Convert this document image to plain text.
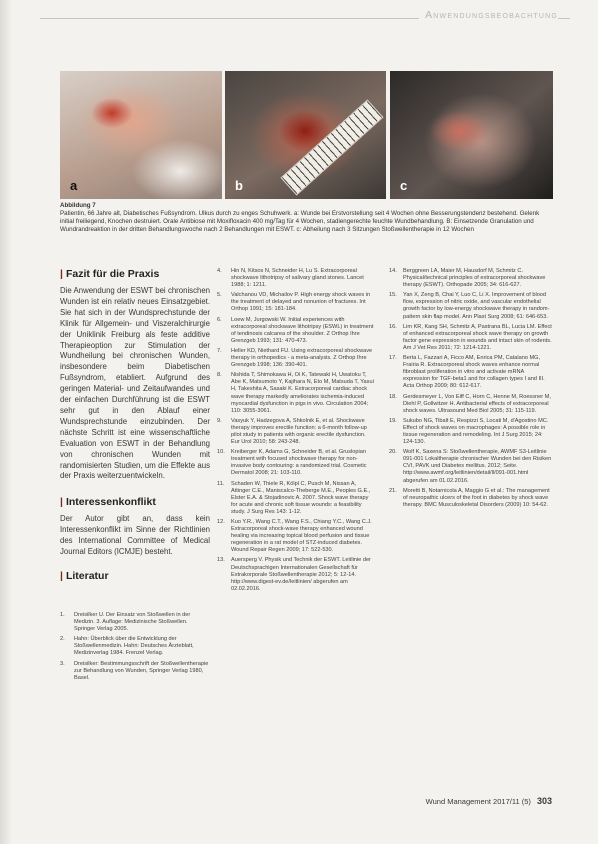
Anwendungsbeobachtung
a	b	c
Abbildung 7
Patientin, 66 Jahre alt, Diabetisches Fußsyndrom. Ulkus durch zu enges Schuhwerk. a: Wunde bei Erstvorstellung seit 4 Wochen ohne Besserungstendenz bestehend. Gelenk initial freiliegend, Knochen destruiert. Orale Antibiose mit Moxifloxacin 400 mg/Tag für 4 Wochen, stadiengerechte feuchte Wundbehandlung. B: Einsetzende Granulation und Wundrandreaktion in der dritten Behandlungswoche nach 2 Behandlungen mit ESWT. c: Abheilung nach 3 Sitzungen Stoßwellentherapie in 12 Wochen
| Fazit für die Praxis

Die Anwendung der ESWT bei chronischen Wunden ist ein relativ neues Einsatzgebiet. Sie hat sich in der Wundsprechstunde der Klinik für Allgemein- und Viszeralchirurgie der Uniklinik Freiburg als feste additive Therapieoption zur Stimulation der Wundheilung bei chronischen Wunden, insbesondere beim Diabetischen Fußsyndrom, etabliert. Aufgrund des geringen Material- und Zeitaufwandes und der einfachen Durchführung ist die ESWT sehr gut in den Ablauf einer Wundsprechstunde einzubinden. Der nächste Schritt ist eine wissenschaftliche Evaluation von ESWT in der Behandlung von chronischen Wunden mit randomisierten Studien, um die Effekte aus der Praxis weiterzuentwickeln.

| Interessenkonflikt

Der Autor gibt an, dass kein Interessenkonflikt im Sinne der Richtlinien des International Committee of Medical Journal Editors (ICMJE) besteht.

| Literatur
1.	Dreisilker U. Der Einsatz von Stoßwellen in der Medizin. 3. Auflage: Medizinische Stoßwellen. Springer Verlag 2005.
2.	Hahn: Überblick über die Entwicklung der Stoßwellenmedizin. Hahn: Deutsches Ärzteblatt, Medizinverlag 1984. Frenzel Verlag.
3.	Dreisilker: Bestimmungsschrift der Stoßwellentherapie zur Behandlung von Wunden, Springer Verlag 1980, Basel.
4.	Hin N, Kitsos N, Schneider H, Lu S. Extracorporeal shockwave lithotripsy of salivary gland stones. Lancet 1988; 1: 1211.
5.	Valchanou VD, Michailov P. High energy shock waves in the treatment of delayed and nonunion of fractures. Int Orthop 1991; 15: 181-184.
6.	Loew M, Jurgowski W. Initial experiences with extracorporeal shockwave lithotripsy (ESWL) in treatment of tendinosis calcarea of the shoulder. Z Orthop Ihre Grenzgeb 1993; 131: 470-473.
7.	Heller KD, Niethard FU. Using extracorporeal shockwave therapy in orthopedics - a meta-analysis. Z Orthop Ihre Grenzgeb 1998; 136: 390-401.
8.	Nishida T, Shimokawa H, Oi K, Tatewaki H, Uwatoku T, Abe K, Matsumoto Y, Kajihara N, Eto M, Matsuda T, Yasui H, Takeshita A, Sasaki K. Extracorporeal cardiac shock wave therapy markedly ameliorates ischemia-induced myocardial dysfunction in pigs in vivo. Circulation 2004; 110: 3055-3061.
9.	Vasyuk Y, Hadzegova A, Shkolnik E, et al. Shockwave therapy improves erectile function: a 6-month follow-up pilot study in patients with organic erectile dysfunction. Eur Urol 2010; 58: 243-248.
10.	Kreiberger K, Adams G, Schneider B, et al. Gruslopian treatment with focused shockwave therapy for non-invasive body contouring: a randomized trial. Cosmetic Dermatol 2008; 21: 103-110.
11.	Schaden W, Thiele R, Kölpl C, Pusch M, Nissan A, Attinger C.E., Maniscalco-Theberge M.E., Peoples G.E., Elster E.A. & Stojadinovic A. 2007. Shock wave therapy for acute and chronic soft tissue wounds: a feasibility study. J Surg Res 143: 1-12.
12.	Kuo Y.R., Wang C.T., Wang F.S., Chiang Y.C., Wang C.J. Extracorporeal shock-wave therapy enhanced wound healing via increasing topical blood perfusion and tissue regeneration in a rat model of STZ-induced diabetes. Wound Repair Regen 2009; 17: 522-530.
13.	Auersperg V. Physik und Technik der ESWT. Leitlinie der Deutschsprachigen Internationalen Gesellschaft für Extrakorporale Stoßwellentherapie 2012; 5: 12-14. http://www.digest-ev.de/leitlinien/ abgerufen am 02.02.2016.
14.	Berggreen LA, Maier M, Hausdorf M, Schmitz C. Physical/technical principles of extracorporeal shockwave therapy (ESWT). Orthopade 2005; 34: 616-627.
15.	Yan X, Zeng B, Chai Y, Luo C, Li X. Improvement of blood flow, expression of nitric oxide, and vascular endothelial growth factor by low-energy shockwave therapy in random-pattern skin flap model. Ann Plast Surg 2008; 61: 646-653.
16.	Lim KR, Kang SH, Schmitz A, Pastrana BL, Lucia LM. Effect of enhanced extracorporeal shock wave therapy on growth factor gene expression in wounds and intact skin of rodents. Am J Vet Res 2011; 72: 1214-1221.
17.	Berta L, Fazzari A, Ficco AM, Enrica PM, Catalano MG, Frairia R. Extracorporeal shock waves enhance normal fibroblast proliferation in vitro and activate mRNA expression for TGF-beta1 and for collagen types I and III. Acta Orthop 2009; 80: 612-617.
18.	Gerdesmeyer L, Von Eiff C, Horn C, Henne M, Roessner M, Diehl P, Gollwitzer H. Antibacterial effects of extracorporeal shock waves. Ultrasound Med Biol 2005; 31: 115-119.
19.	Sukubo NG, Tibalt E, Respizzi S, Locati M, d'Agostino MC. Effect of shock waves on macrophages: A possible role in tissue regeneration and remodeling. Int J Surg 2015; 24: 124-130.
20.	Wolf K, Saxena S: Stoßwellentherapie, AWMF S3-Leitlinie 091-001 Lokaltherapie chronischer Wunden bei den Risiken CVI, PAVK und Diabetes mellitus. 2012; Seite. http://www.awmf.org/leitlinien/detail/ll/091-001.html abgerufen am 01.02.2016.
21.	Moretti B, Notarnicola A, Maggio G et al.: The management of neuropathic ulcers of the foot in diabetes by shock wave therapy. BMC Musculoskeletal Disorders (2009) 10: 54-62.
Wund Management 2017/11 (5) 303
